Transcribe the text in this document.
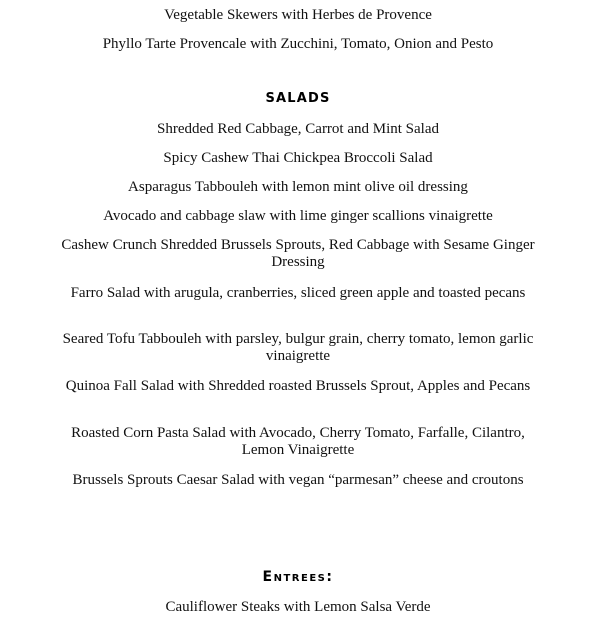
Vegetable Skewers with Herbes de Provence

Phyllo Tarte Provencale with Zucchini, Tomato, Onion and Pesto

SALADS

Shredded Red Cabbage, Carrot and Mint Salad

Spicy Cashew Thai Chickpea Broccoli Salad

Asparagus Tabbouleh with lemon mint olive oil dressing

Avocado and cabbage slaw with lime ginger scallions vinaigrette

Cashew Crunch Shredded Brussels Sprouts, Red Cabbage with Sesame Ginger Dressing

Farro Salad with arugula, cranberries, sliced green apple and toasted pecans

Seared Tofu Tabbouleh with parsley, bulgur grain, cherry tomato, lemon garlic vinaigrette

Quinoa Fall Salad with Shredded roasted Brussels Sprout, Apples and Pecans

Roasted Corn Pasta Salad with Avocado, Cherry Tomato, Farfalle, Cilantro, Lemon Vinaigrette

Brussels Sprouts Caesar Salad with vegan “parmesan” cheese and croutons

Entrees:

Cauliflower Steaks with Lemon Salsa Verde
